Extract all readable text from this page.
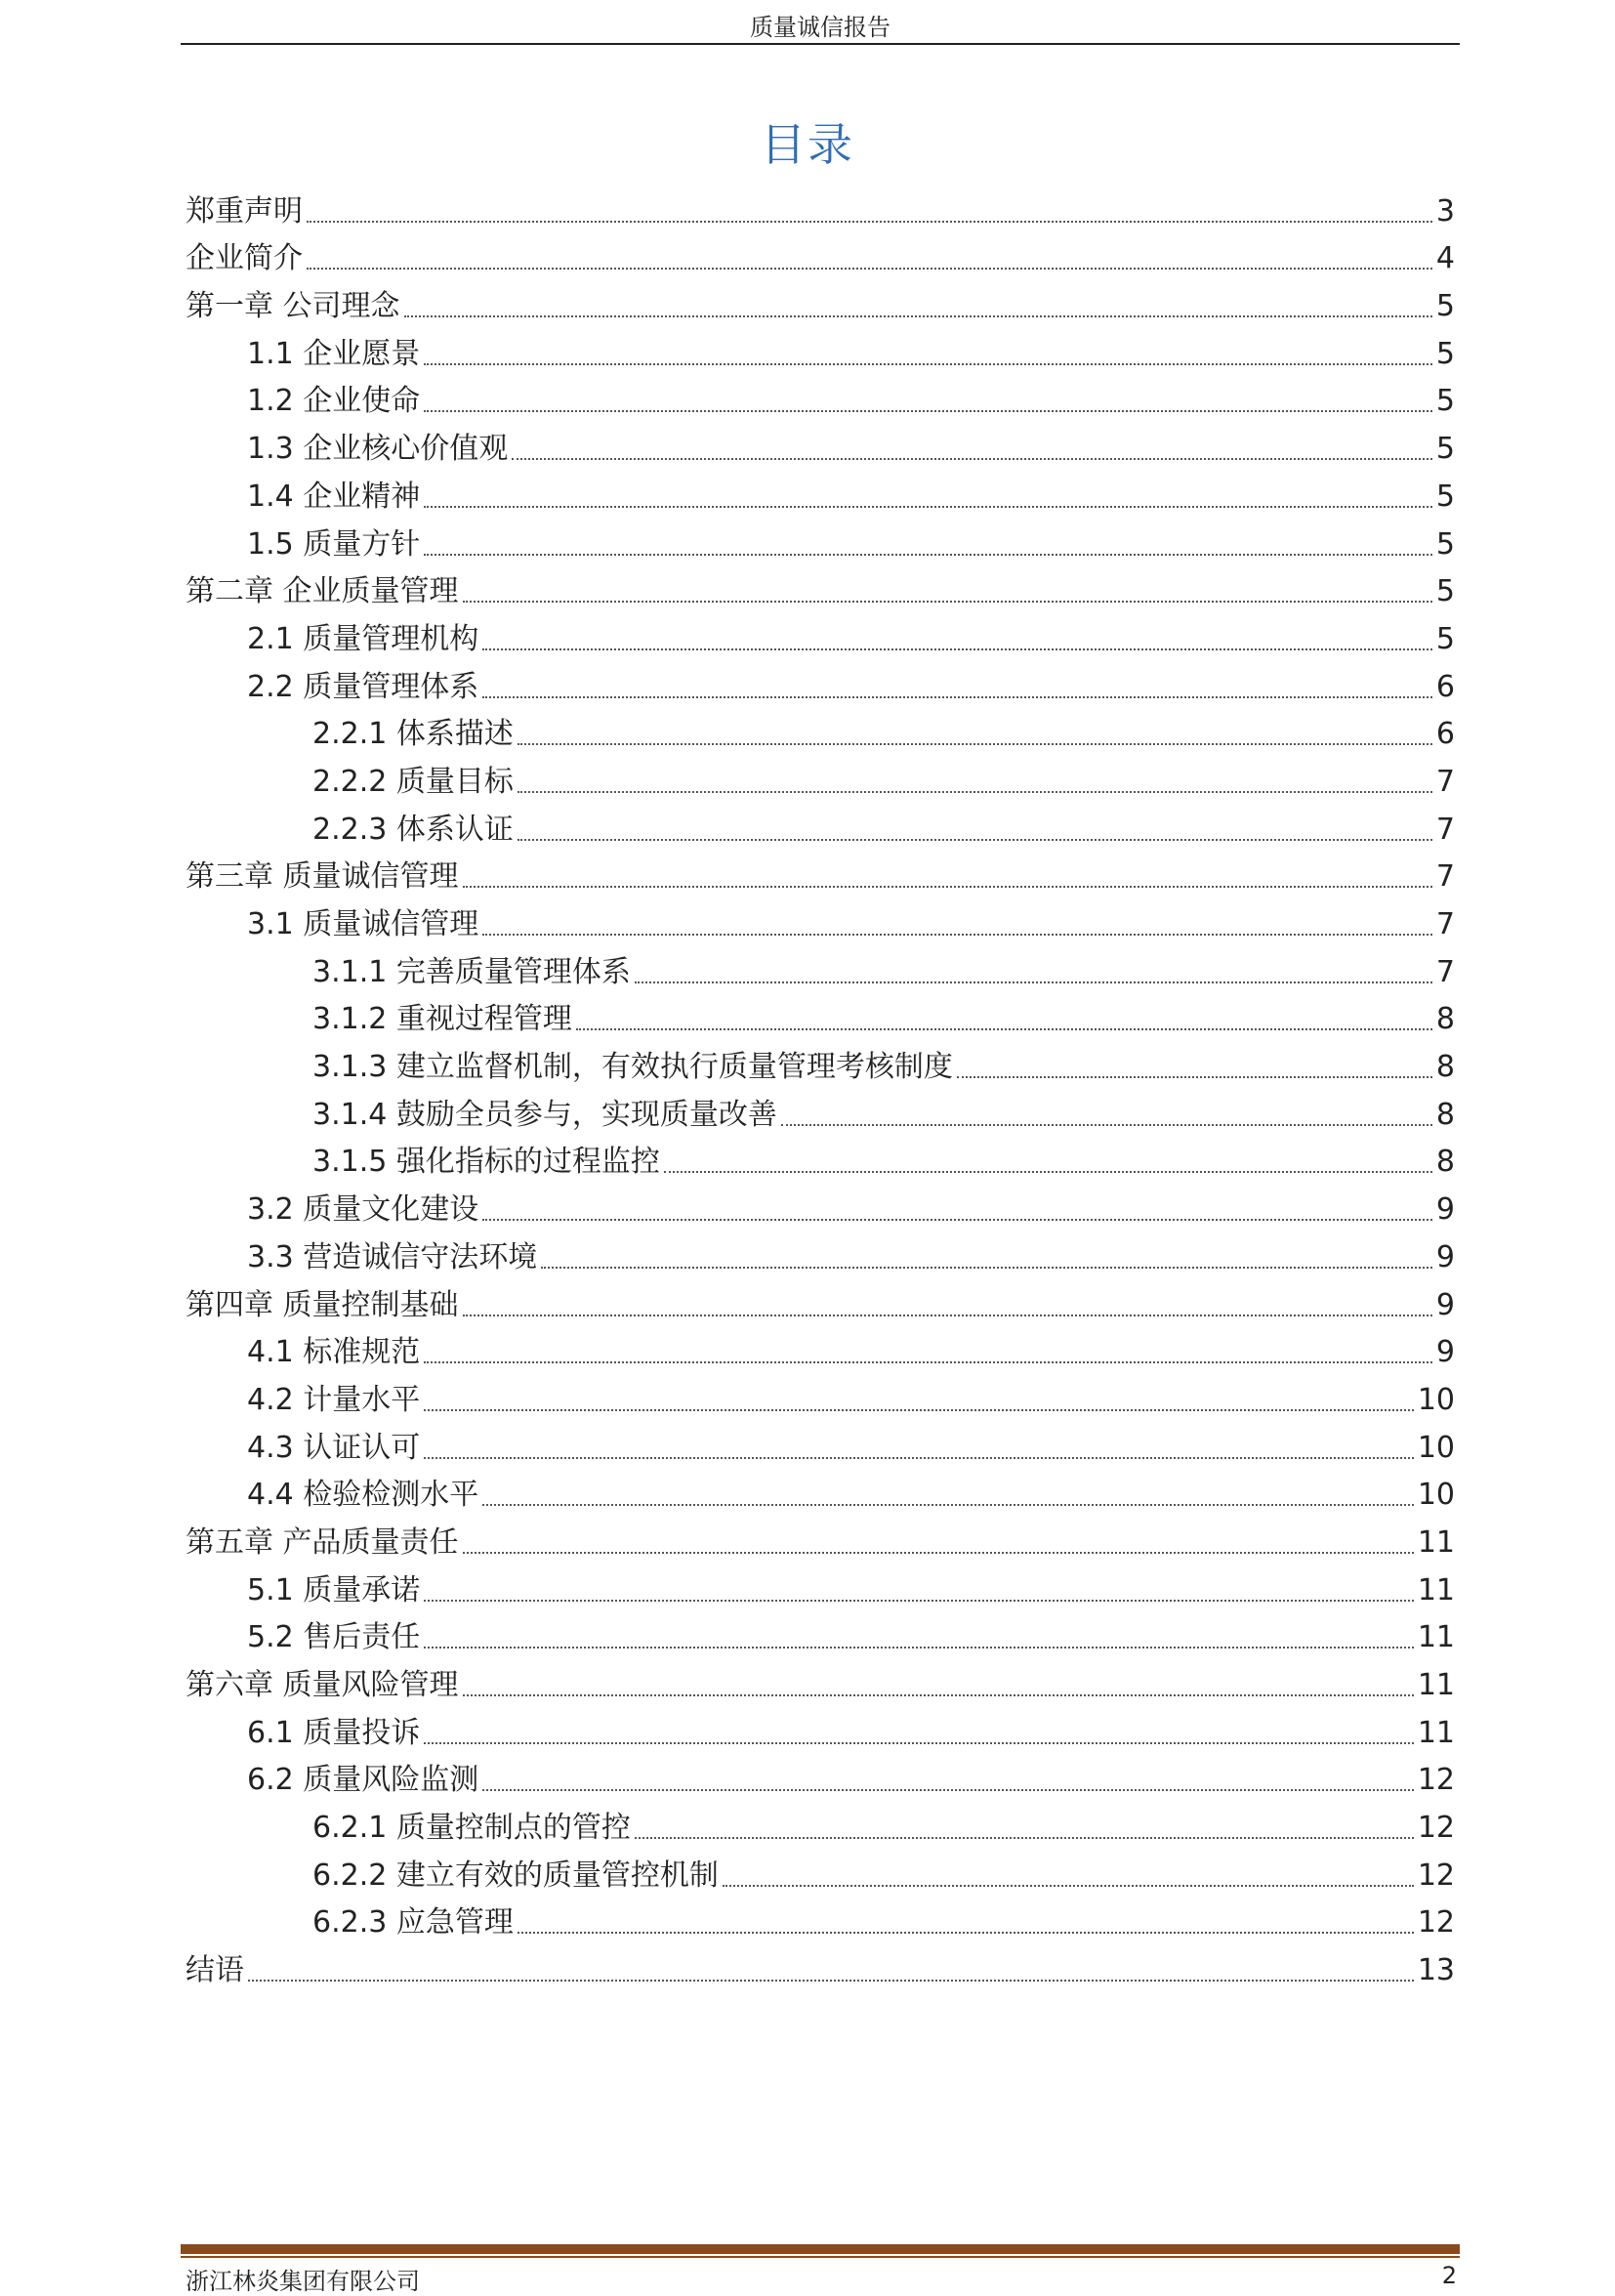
质量诚信报告
目录
郑重声明	3
企业简介	4
第一章 公司理念	5
1.1 企业愿景	5
1.2 企业使命	5
1.3 企业核心价值观	5
1.4 企业精神	5
1.5 质量方针	5
第二章 企业质量管理	5
2.1 质量管理机构	5
2.2 质量管理体系	6
2.2.1 体系描述	6
2.2.2 质量目标	7
2.2.3 体系认证	7
第三章 质量诚信管理	7
3.1 质量诚信管理	7
3.1.1 完善质量管理体系	7
3.1.2 重视过程管理	8
3.1.3 建立监督机制，有效执行质量管理考核制度	8
3.1.4 鼓励全员参与，实现质量改善	8
3.1.5 强化指标的过程监控	8
3.2 质量文化建设	9
3.3 营造诚信守法环境	9
第四章 质量控制基础	9
4.1 标准规范	9
4.2 计量水平	10
4.3 认证认可	10
4.4 检验检测水平	10
第五章 产品质量责任	11
5.1 质量承诺	11
5.2 售后责任	11
第六章 质量风险管理	11
6.1 质量投诉	11
6.2 质量风险监测	12
6.2.1 质量控制点的管控	12
6.2.2 建立有效的质量管控机制	12
6.2.3 应急管理	12
结语	13
浙江林炎集团有限公司	2
